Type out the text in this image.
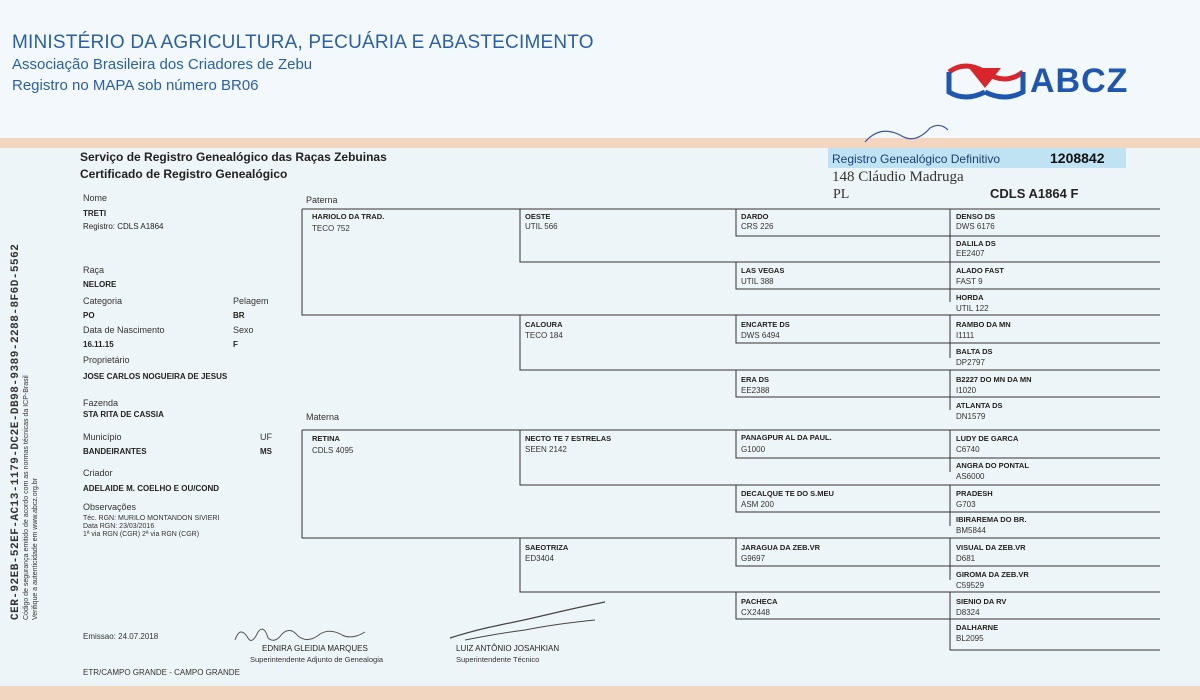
MINISTÉRIO DA AGRICULTURA, PECUÁRIA E ABASTECIMENTO
Associação Brasileira dos Criadores de Zebu
Registro no MAPA sob número BR06	ABCZ
Serviço de Registro Genealógico das Raças Zebuinas
Certificado de Registro Genealógico
Registro Genealógico Definitivo	1208842
148 Cláudio Madruga
PL	CDLS A1864 F
CER-92EB-52EF-AC13-1179-DC2E-DB98-9389-2288-8F6D-5562 Código de segurança emitido de acordo com as normas técnicas da ICP-Brasil Verifique a autenticidade em www.abcz.org.br
Nome
TRETI
Registro: CDLS A1864
Raça
NELORE
Categoria	Pelagem
PO	BR
Data de Nascimento	Sexo
16.11.15	F
Proprietário
JOSE CARLOS NOGUEIRA DE JESUS
Fazenda
STA RITA DE CASSIA
Município	UF
BANDEIRANTES	MS
Criador
ADELAIDE M. COELHO E OU/COND
Observações
Téc. RGN: MURILO MONTANDON SIVIERI
Data RGN: 23/03/2016
1ª via RGN (CGR) 2ª via RGN (CGR)
Paterna
Materna
HARIOLO DA TRAD.
TECO 752
RETINA
CDLS 4095
OESTE
UTIL 566
CALOURA
TECO 184
NECTO TE 7 ESTRELAS
SEEN 2142
SAEOTRIZA
ED3404
DARDO
CRS 226
LAS VEGAS
UTIL 388
ENCARTE DS
DWS 6494
ERA DS
EE2388
PANAGPUR AL DA PAUL.
G1000
DECALQUE TE DO S.MEU
ASM 200
JARAGUA DA ZEB.VR
G9697
PACHECA
CX2448
DENSO DS
DWS 6176
DALILA DS
EE2407
ALADO FAST
FAST 9
HORDA
UTIL 122
RAMBO DA MN
I1111
BALTA DS
DP2797
B2227 DO MN DA MN
I1020
ATLANTA DS
DN1579
LUDY DE GARCA
C6740
ANGRA DO PONTAL
AS6000
PRADESH
G703
IBIRAREMA DO BR.
BM5844
VISUAL DA ZEB.VR
D681
GIROMA DA ZEB.VR
C59529
SIENIO DA RV
D8324
DALHARNE
BL2095
Emissao: 24.07.2018
EDNIRA GLEIDIA MARQUES
Superintendente Adjunto de Genealogia
LUIZ ANTÔNIO JOSAHKIAN
Superintendente Técnico
ETR/CAMPO GRANDE - CAMPO GRANDE
